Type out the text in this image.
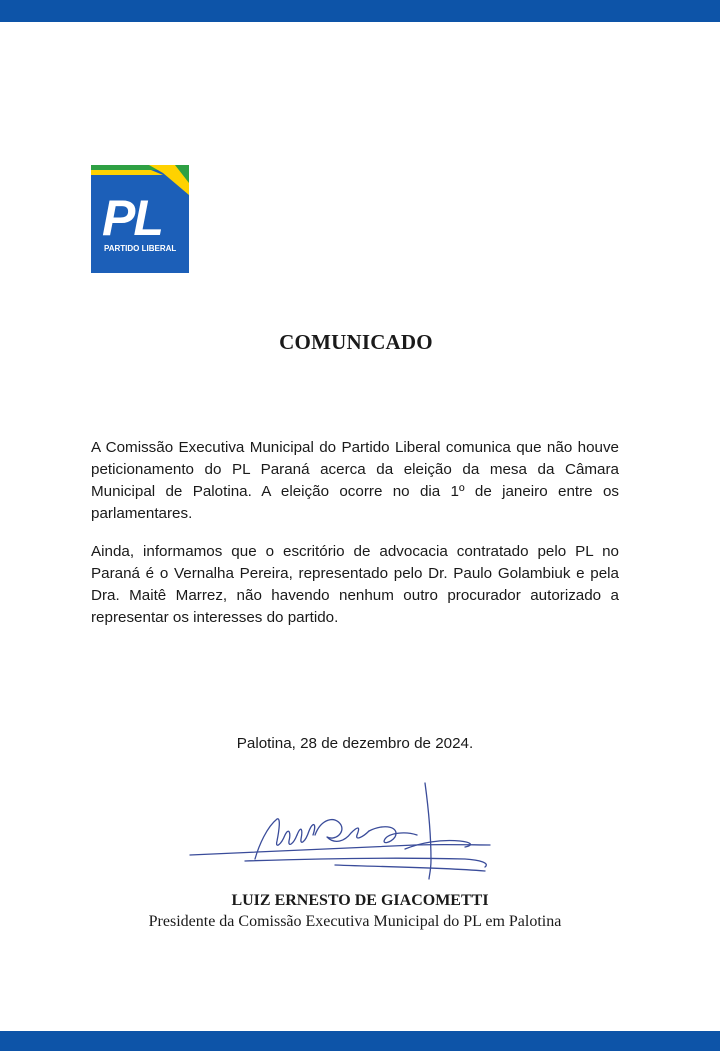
PL
PARTIDO LIBERAL
COMUNICADO

A Comissão Executiva Municipal do Partido Liberal comunica que não houve peticionamento do PL Paraná acerca da eleição da mesa da Câmara Municipal de Palotina. A eleição ocorre no dia 1º de janeiro entre os parlamentares.

Ainda, informamos que o escritório de advocacia contratado pelo PL no Paraná é o Vernalha Pereira, representado pelo Dr. Paulo Golambiuk e pela Dra. Maitê Marrez, não havendo nenhum outro procurador autorizado a representar os interesses do partido.

Palotina, 28 de dezembro de 2024.

LUIZ ERNESTO DE GIACOMETTI

Presidente da Comissão Executiva Municipal do PL em Palotina
